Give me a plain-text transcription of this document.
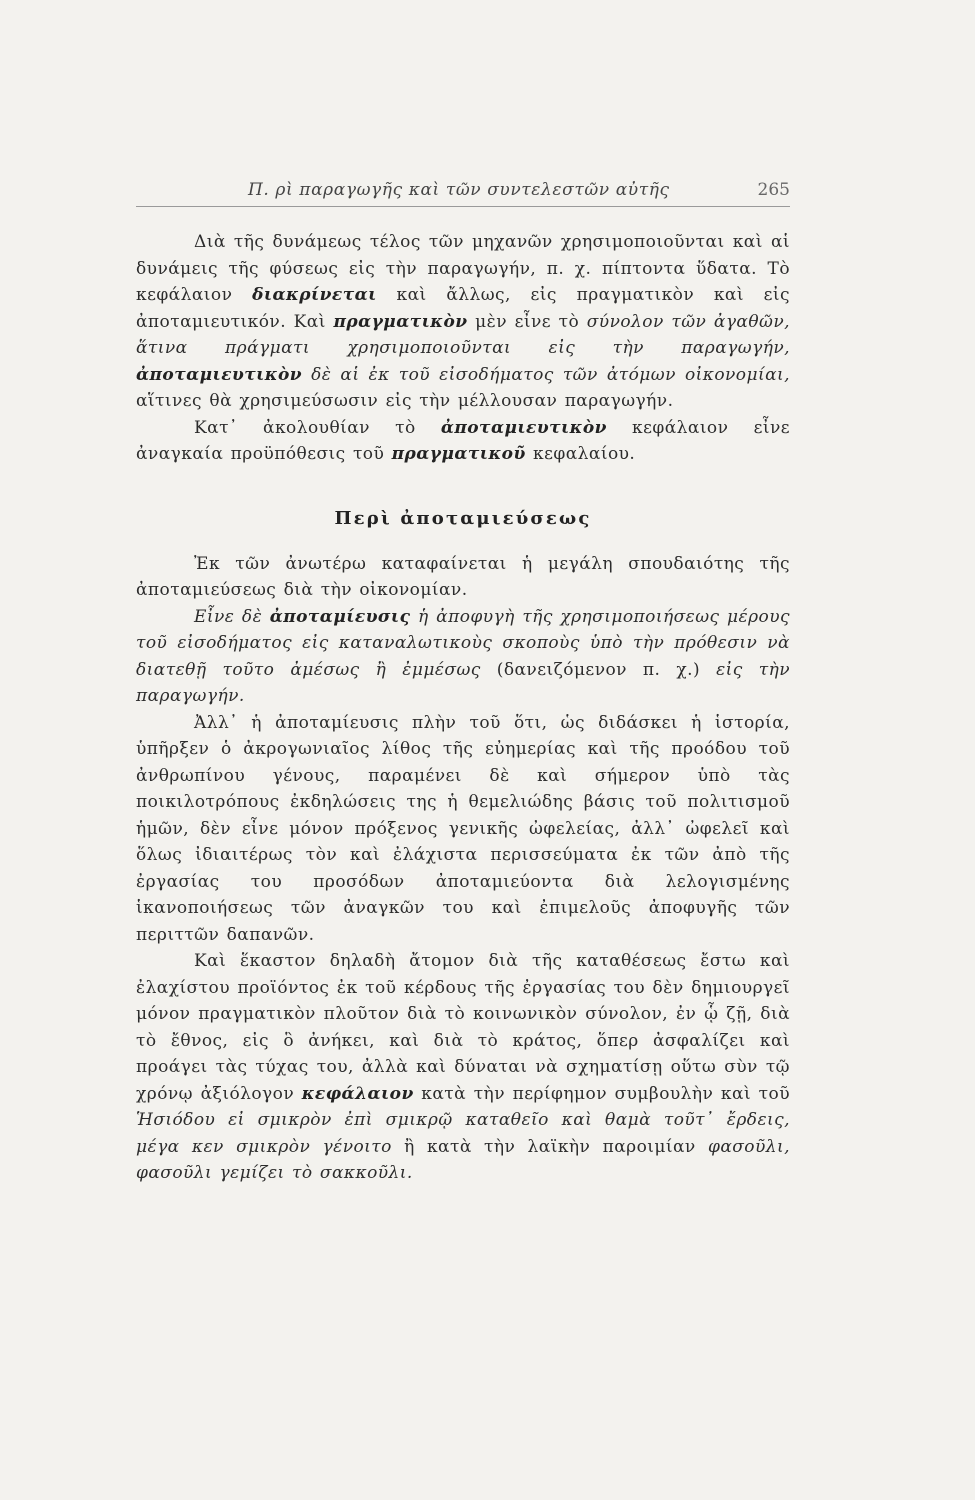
Π. ρὶ παραγωγῆς καὶ τῶν συντελεστῶν αὐτῆς	265

Διὰ τῆς δυνάμεως τέλος τῶν μηχανῶν χρησιμοποιοῦνται καὶ αἱ δυνάμεις τῆς φύσεως εἰς τὴν παραγωγήν, π. χ. πίπτοντα ὕδατα. Τὸ κεφάλαιον διακρίνεται καὶ ἄλλως, εἰς πραγματικὸν καὶ εἰς ἀποταμιευτικόν. Καὶ πραγματικὸν μὲν εἶνε τὸ σύνολον τῶν ἀγαθῶν, ἅτινα πράγματι χρησιμοποιοῦνται εἰς τὴν παραγωγήν, ἀποταμιευτικὸν δὲ αἱ ἐκ τοῦ εἰσοδήματος τῶν ἀτόμων οἰκονομίαι, αἵτινες θὰ χρησιμεύσωσιν εἰς τὴν μέλλουσαν παραγωγήν.

Κατ᾿ ἀκολουθίαν τὸ ἀποταμιευτικὸν κεφάλαιον εἶνε ἀναγκαία προϋπόθεσις τοῦ πραγματικοῦ κεφαλαίου.

Περὶ ἀποταμιεύσεως

Ἐκ τῶν ἀνωτέρω καταφαίνεται ἡ μεγάλη σπουδαιότης τῆς ἀποταμιεύσεως διὰ τὴν οἰκονομίαν.

Εἶνε δὲ ἀποταμίευσις ἡ ἀποφυγὴ τῆς χρησιμοποιήσεως μέρους τοῦ εἰσοδήματος εἰς καταναλωτικοὺς σκοποὺς ὑπὸ τὴν πρόθεσιν νὰ διατεθῇ τοῦτο ἀμέσως ἢ ἐμμέσως (δανειζόμενον π. χ.) εἰς τὴν παραγωγήν.

Ἀλλ᾿ ἡ ἀποταμίευσις πλὴν τοῦ ὅτι, ὡς διδάσκει ἡ ἱστορία, ὑπῆρξεν ὁ ἀκρογωνιαῖος λίθος τῆς εὐημερίας καὶ τῆς προόδου τοῦ ἀνθρωπίνου γένους, παραμένει δὲ καὶ σήμερον ὑπὸ τὰς ποικιλοτρόπους ἐκδηλώσεις της ἡ θεμελιώδης βάσις τοῦ πολιτισμοῦ ἡμῶν, δὲν εἶνε μόνον πρόξενος γενικῆς ὠφελείας, ἀλλ᾿ ὠφελεῖ καὶ ὅλως ἰδιαιτέρως τὸν καὶ ἐλάχιστα περισσεύματα ἐκ τῶν ἀπὸ τῆς ἐργασίας του προσόδων ἀποταμιεύοντα διὰ λελογισμένης ἱκανοποιήσεως τῶν ἀναγκῶν του καὶ ἐπιμελοῦς ἀποφυγῆς τῶν περιττῶν δαπανῶν.

Καὶ ἕκαστον δηλαδὴ ἄτομον διὰ τῆς καταθέσεως ἔστω καὶ ἐλαχίστου προϊόντος ἐκ τοῦ κέρδους τῆς ἐργασίας του δὲν δημιουργεῖ μόνον πραγματικὸν πλοῦτον διὰ τὸ κοινωνικὸν σύνολον, ἐν ᾧ ζῇ, διὰ τὸ ἔθνος, εἰς ὃ ἀνήκει, καὶ διὰ τὸ κράτος, ὅπερ ἀσφαλίζει καὶ προάγει τὰς τύχας του, ἀλλὰ καὶ δύναται νὰ σχηματίσῃ οὕτω σὺν τῷ χρόνῳ ἀξιόλογον κεφάλαιον κατὰ τὴν περίφημον συμβουλὴν καὶ τοῦ Ἡσιόδου εἰ σμικρὸν ἐπὶ σμικρῷ καταθεῖο καὶ θαμὰ τοῦτ᾿ ἔρδεις, μέγα κεν σμικρὸν γένοιτο ἢ κατὰ τὴν λαϊκὴν παροιμίαν φασοῦλι, φασοῦλι γεμίζει τὸ σακκοῦλι.
